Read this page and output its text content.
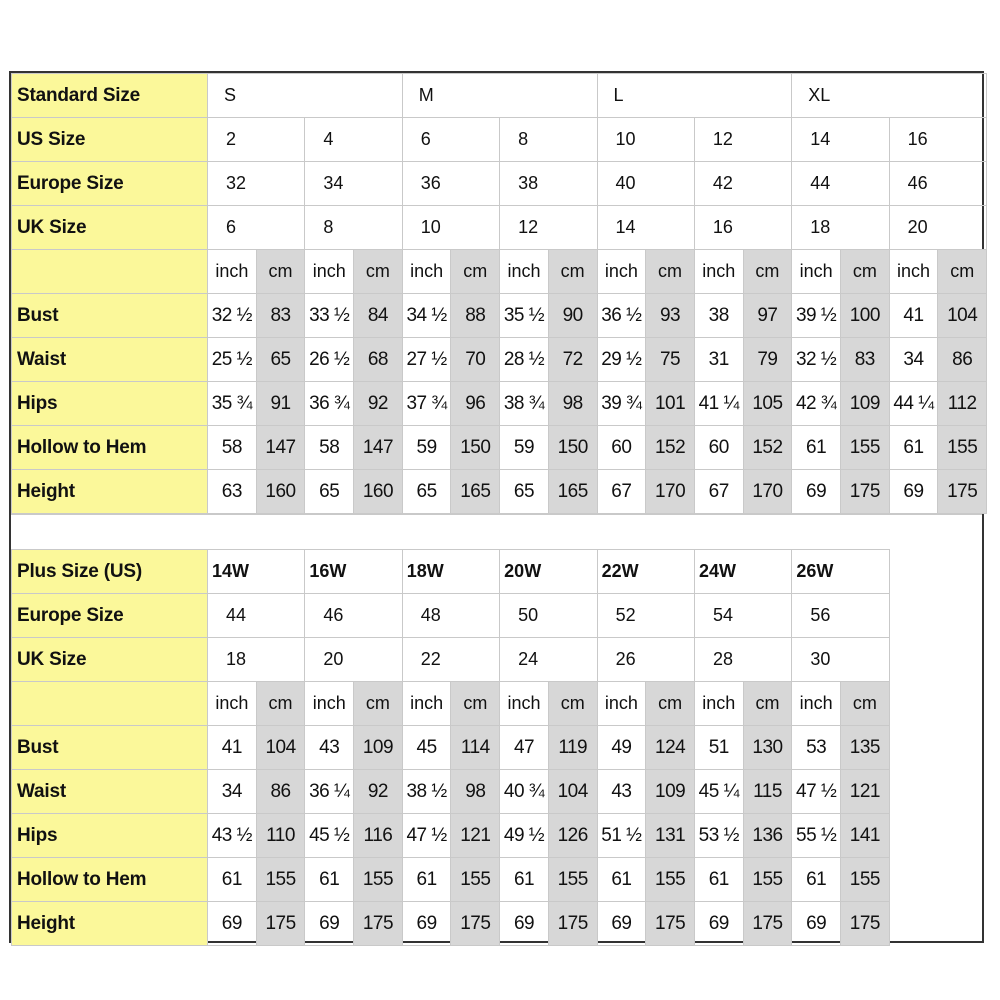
Standard Size	S				M				L				XL			
US Size	2		4		6		8		10		12		14		16	
Europe Size	32		34		36		38		40		42		44		46	
UK Size	6		8		10		12		14		16		18		20	
	inch	cm	inch	cm	inch	cm	inch	cm	inch	cm	inch	cm	inch	cm	inch	cm
Bust	32 ½	83	33 ½	84	34 ½	88	35 ½	90	36 ½	93	38	97	39 ½	100	41	104
Waist	25 ½	65	26 ½	68	27 ½	70	28 ½	72	29 ½	75	31	79	32 ½	83	34	86
Hips	35 ¾	91	36 ¾	92	37 ¾	96	38 ¾	98	39 ¾	101	41 ¼	105	42 ¾	109	44 ¼	112
Hollow to Hem	58	147	58	147	59	150	59	150	60	152	60	152	61	155	61	155
Height	63	160	65	160	65	165	65	165	67	170	67	170	69	175	69	175
Plus Size (US)	14W		16W		18W		20W		22W		24W		26W	
Europe Size	44		46		48		50		52		54		56	
UK Size	18		20		22		24		26		28		30	
	inch	cm	inch	cm	inch	cm	inch	cm	inch	cm	inch	cm	inch	cm
Bust	41	104	43	109	45	114	47	119	49	124	51	130	53	135
Waist	34	86	36 ¼	92	38 ½	98	40 ¾	104	43	109	45 ¼	115	47 ½	121
Hips	43 ½	110	45 ½	116	47 ½	121	49 ½	126	51 ½	131	53 ½	136	55 ½	141
Hollow to Hem	61	155	61	155	61	155	61	155	61	155	61	155	61	155
Height	69	175	69	175	69	175	69	175	69	175	69	175	69	175
